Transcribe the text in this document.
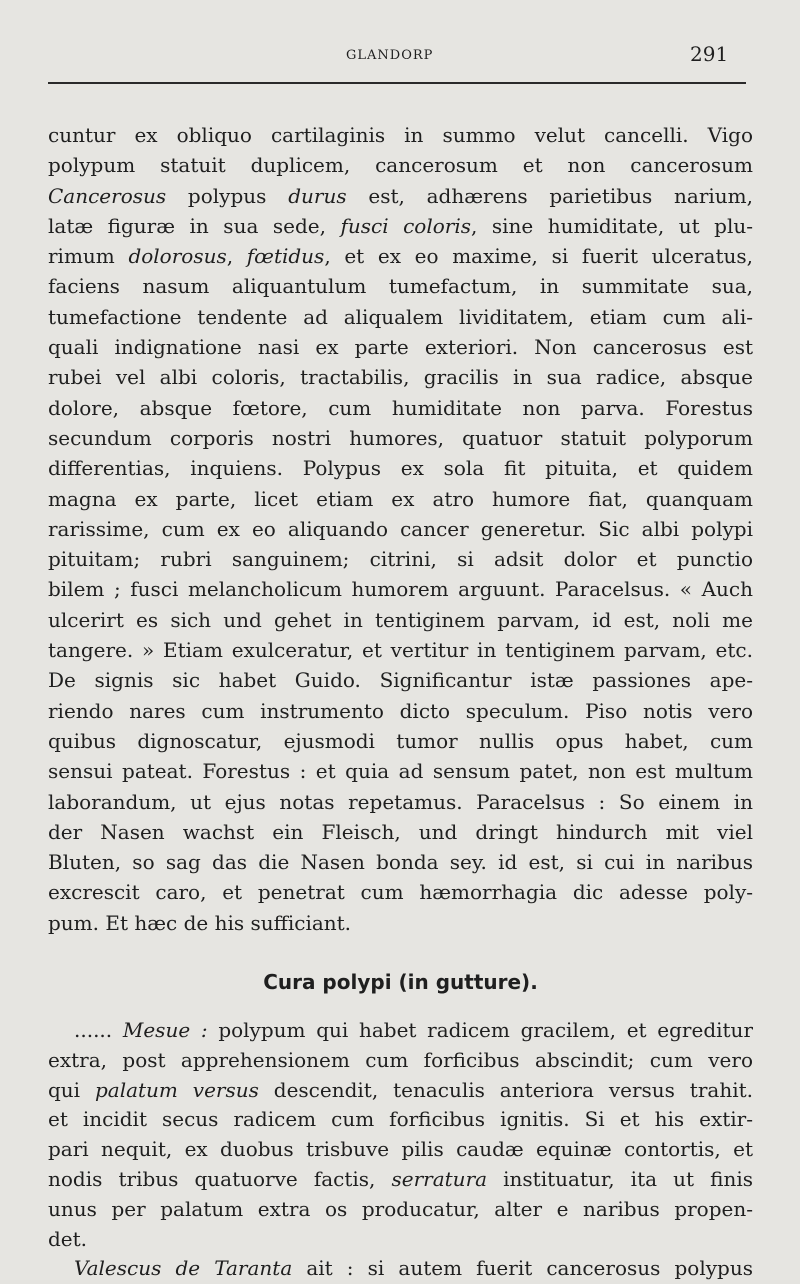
GLANDORP	291
cuntur ex obliquo cartilaginis in summo velut cancelli. Vigo
polypum statuit duplicem, cancerosum et non cancerosum
Cancerosus polypus durus est, adhærens parietibus narium,
latæ figuræ in sua sede, fusci coloris, sine humiditate, ut plu-
rimum dolorosus, fœtidus, et ex eo maxime, si fuerit ulceratus,
faciens nasum aliquantulum tumefactum, in summitate sua,
tumefactione tendente ad aliqualem lividitatem, etiam cum ali-
quali indignatione nasi ex parte exteriori. Non cancerosus est
rubei vel albi coloris, tractabilis, gracilis in sua radice, absque
dolore, absque fœtore, cum humiditate non parva. Forestus
secundum corporis nostri humores, quatuor statuit polyporum
differentias, inquiens. Polypus ex sola fit pituita, et quidem
magna ex parte, licet etiam ex atro humore fiat, quanquam
rarissime, cum ex eo aliquando cancer generetur. Sic albi polypi
pituitam; rubri sanguinem; citrini, si adsit dolor et punctio
bilem ; fusci melancholicum humorem arguunt. Paracelsus. « Auch
ulcerirt es sich und gehet in tentiginem parvam, id est, noli me
tangere. » Etiam exulceratur, et vertitur in tentiginem parvam, etc.
De signis sic habet Guido. Significantur istæ passiones ape-
riendo nares cum instrumento dicto speculum. Piso notis vero
quibus dignoscatur, ejusmodi tumor nullis opus habet, cum
sensui pateat. Forestus : et quia ad sensum patet, non est multum
laborandum, ut ejus notas repetamus. Paracelsus : So einem in
der Nasen wachst ein Fleisch, und dringt hindurch mit viel
Bluten, so sag das die Nasen bonda sey. id est, si cui in naribus
excrescit caro, et penetrat cum hæmorrhagia dic adesse poly-
pum. Et hæc de his sufficiant.
Cura polypi (in gutture).
...... Mesue : polypum qui habet radicem gracilem, et egreditur
extra, post apprehensionem cum forficibus abscindit; cum vero
qui palatum versus descendit, tenaculis anteriora versus trahit.
et incidit secus radicem cum forficibus ignitis. Si et his extir-
pari nequit, ex duobus trisbuve pilis caudæ equinæ contortis, et
nodis tribus quatuorve factis, serratura instituatur, ita ut finis
unus per palatum extra os producatur, alter e naribus propen-
det.
Valescus de Taranta ait : si autem fuerit cancerosus polypus
